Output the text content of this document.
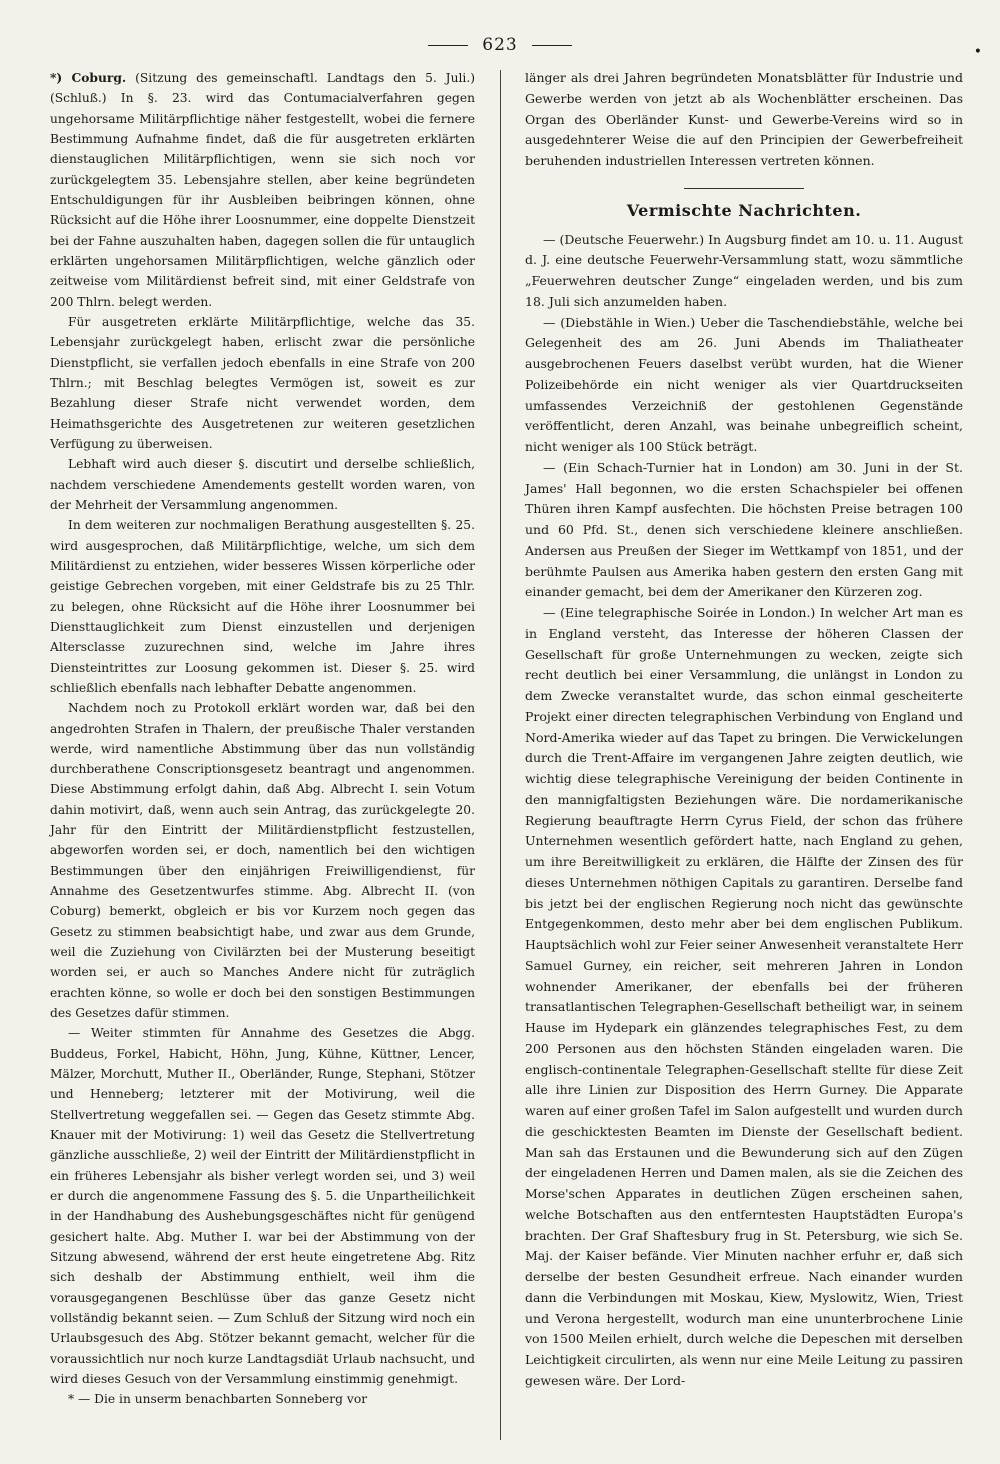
623	•

*) Coburg. (Sitzung des gemeinschaftl. Landtags den 5. Juli.) (Schluß.) In §. 23. wird das Contumacialverfahren gegen ungehorsame Militärpflichtige näher festgestellt, wobei die fernere Bestimmung Aufnahme findet, daß die für ausgetreten erklärten dienstauglichen Militärpflichtigen, wenn sie sich noch vor zurückgelegtem 35. Lebensjahre stellen, aber keine begründeten Entschuldigungen für ihr Ausbleiben beibringen können, ohne Rücksicht auf die Höhe ihrer Loosnummer, eine doppelte Dienstzeit bei der Fahne auszuhalten haben, dagegen sollen die für untauglich erklärten ungehorsamen Militärpflichtigen, welche gänzlich oder zeitweise vom Militärdienst befreit sind, mit einer Geldstrafe von 200 Thlrn. belegt werden.

Für ausgetreten erklärte Militärpflichtige, welche das 35. Lebensjahr zurückgelegt haben, erlischt zwar die persönliche Dienstpflicht, sie verfallen jedoch ebenfalls in eine Strafe von 200 Thlrn.; mit Beschlag belegtes Vermögen ist, soweit es zur Bezahlung dieser Strafe nicht verwendet worden, dem Heimathsgerichte des Ausgetretenen zur weiteren gesetzlichen Verfügung zu überweisen.

Lebhaft wird auch dieser §. discutirt und derselbe schließlich, nachdem verschiedene Amendements gestellt worden waren, von der Mehrheit der Versammlung angenommen.

In dem weiteren zur nochmaligen Berathung ausgestellten §. 25. wird ausgesprochen, daß Militärpflichtige, welche, um sich dem Militärdienst zu entziehen, wider besseres Wissen körperliche oder geistige Gebrechen vorgeben, mit einer Geldstrafe bis zu 25 Thlr. zu belegen, ohne Rücksicht auf die Höhe ihrer Loosnummer bei Diensttauglichkeit zum Dienst einzustellen und derjenigen Altersclasse zuzurechnen sind, welche im Jahre ihres Diensteintrittes zur Loosung gekommen ist. Dieser §. 25. wird schließlich ebenfalls nach lebhafter Debatte angenommen.

Nachdem noch zu Protokoll erklärt worden war, daß bei den angedrohten Strafen in Thalern, der preußische Thaler verstanden werde, wird namentliche Abstimmung über das nun vollständig durchberathene Conscriptionsgesetz beantragt und angenommen. Diese Abstimmung erfolgt dahin, daß Abg. Albrecht I. sein Votum dahin motivirt, daß, wenn auch sein Antrag, das zurückgelegte 20. Jahr für den Eintritt der Militärdienstpflicht festzustellen, abgeworfen worden sei, er doch, namentlich bei den wichtigen Bestimmungen über den einjährigen Freiwilligendienst, für Annahme des Gesetzentwurfes stimme. Abg. Albrecht II. (von Coburg) bemerkt, obgleich er bis vor Kurzem noch gegen das Gesetz zu stimmen beabsichtigt habe, und zwar aus dem Grunde, weil die Zuziehung von Civilärzten bei der Musterung beseitigt worden sei, er auch so Manches Andere nicht für zuträglich erachten könne, so wolle er doch bei den sonstigen Bestimmungen des Gesetzes dafür stimmen.

— Weiter stimmten für Annahme des Gesetzes die Abgg. Buddeus, Forkel, Habicht, Höhn, Jung, Kühne, Küttner, Lencer, Mälzer, Morchutt, Muther II., Oberländer, Runge, Stephani, Stötzer und Henneberg; letzterer mit der Motivirung, weil die Stellvertretung weggefallen sei. — Gegen das Gesetz stimmte Abg. Knauer mit der Motivirung: 1) weil das Gesetz die Stellvertretung gänzliche ausschließe, 2) weil der Eintritt der Militärdienstpflicht in ein früheres Lebensjahr als bisher verlegt worden sei, und 3) weil er durch die angenommene Fassung des §. 5. die Unpartheilichkeit in der Handhabung des Aushebungsgeschäftes nicht für genügend gesichert halte. Abg. Muther I. war bei der Abstimmung von der Sitzung abwesend, während der erst heute eingetretene Abg. Ritz sich deshalb der Abstimmung enthielt, weil ihm die vorausgegangenen Beschlüsse über das ganze Gesetz nicht vollständig bekannt seien. — Zum Schluß der Sitzung wird noch ein Urlaubsgesuch des Abg. Stötzer bekannt gemacht, welcher für die voraussichtlich nur noch kurze Landtagsdiät Urlaub nachsucht, und wird dieses Gesuch von der Versammlung einstimmig genehmigt.

* — Die in unserm benachbarten Sonneberg vor

länger als drei Jahren begründeten Monatsblätter für Industrie und Gewerbe werden von jetzt ab als Wochenblätter erscheinen. Das Organ des Oberländer Kunst- und Gewerbe-Vereins wird so in ausgedehnterer Weise die auf den Principien der Gewerbefreiheit beruhenden industriellen Interessen vertreten können.

Vermischte Nachrichten.

— (Deutsche Feuerwehr.) In Augsburg findet am 10. u. 11. August d. J. eine deutsche Feuerwehr-Versammlung statt, wozu sämmtliche „Feuerwehren deutscher Zunge“ eingeladen werden, und bis zum 18. Juli sich anzumelden haben.

— (Diebstähle in Wien.) Ueber die Taschendiebstähle, welche bei Gelegenheit des am 26. Juni Abends im Thaliatheater ausgebrochenen Feuers daselbst verübt wurden, hat die Wiener Polizeibehörde ein nicht weniger als vier Quartdruckseiten umfassendes Verzeichniß der gestohlenen Gegenstände veröffentlicht, deren Anzahl, was beinahe unbegreiflich scheint, nicht weniger als 100 Stück beträgt.

— (Ein Schach-Turnier hat in London) am 30. Juni in der St. James' Hall begonnen, wo die ersten Schachspieler bei offenen Thüren ihren Kampf ausfechten. Die höchsten Preise betragen 100 und 60 Pfd. St., denen sich verschiedene kleinere anschließen. Andersen aus Preußen der Sieger im Wettkampf von 1851, und der berühmte Paulsen aus Amerika haben gestern den ersten Gang mit einander gemacht, bei dem der Amerikaner den Kürzeren zog.

— (Eine telegraphische Soirée in London.) In welcher Art man es in England versteht, das Interesse der höheren Classen der Gesellschaft für große Unternehmungen zu wecken, zeigte sich recht deutlich bei einer Versammlung, die unlängst in London zu dem Zwecke veranstaltet wurde, das schon einmal gescheiterte Projekt einer directen telegraphischen Verbindung von England und Nord-Amerika wieder auf das Tapet zu bringen. Die Verwickelungen durch die Trent-Affaire im vergangenen Jahre zeigten deutlich, wie wichtig diese telegraphische Vereinigung der beiden Continente in den mannigfaltigsten Beziehungen wäre. Die nordamerikanische Regierung beauftragte Herrn Cyrus Field, der schon das frühere Unternehmen wesentlich gefördert hatte, nach England zu gehen, um ihre Bereitwilligkeit zu erklären, die Hälfte der Zinsen des für dieses Unternehmen nöthigen Capitals zu garantiren. Derselbe fand bis jetzt bei der englischen Regierung noch nicht das gewünschte Entgegenkommen, desto mehr aber bei dem englischen Publikum. Hauptsächlich wohl zur Feier seiner Anwesenheit veranstaltete Herr Samuel Gurney, ein reicher, seit mehreren Jahren in London wohnender Amerikaner, der ebenfalls bei der früheren transatlantischen Telegraphen-Gesellschaft betheiligt war, in seinem Hause im Hydepark ein glänzendes telegraphisches Fest, zu dem 200 Personen aus den höchsten Ständen eingeladen waren. Die englisch-continentale Telegraphen-Gesellschaft stellte für diese Zeit alle ihre Linien zur Disposition des Herrn Gurney. Die Apparate waren auf einer großen Tafel im Salon aufgestellt und wurden durch die geschicktesten Beamten im Dienste der Gesellschaft bedient. Man sah das Erstaunen und die Bewunderung sich auf den Zügen der eingeladenen Herren und Damen malen, als sie die Zeichen des Morse'schen Apparates in deutlichen Zügen erscheinen sahen, welche Botschaften aus den entferntesten Hauptstädten Europa's brachten. Der Graf Shaftesbury frug in St. Petersburg, wie sich Se. Maj. der Kaiser befände. Vier Minuten nachher erfuhr er, daß sich derselbe der besten Gesundheit erfreue. Nach einander wurden dann die Verbindungen mit Moskau, Kiew, Myslowitz, Wien, Triest und Verona hergestellt, wodurch man eine ununterbrochene Linie von 1500 Meilen erhielt, durch welche die Depeschen mit derselben Leichtigkeit circulirten, als wenn nur eine Meile Leitung zu passiren gewesen wäre. Der Lord-
